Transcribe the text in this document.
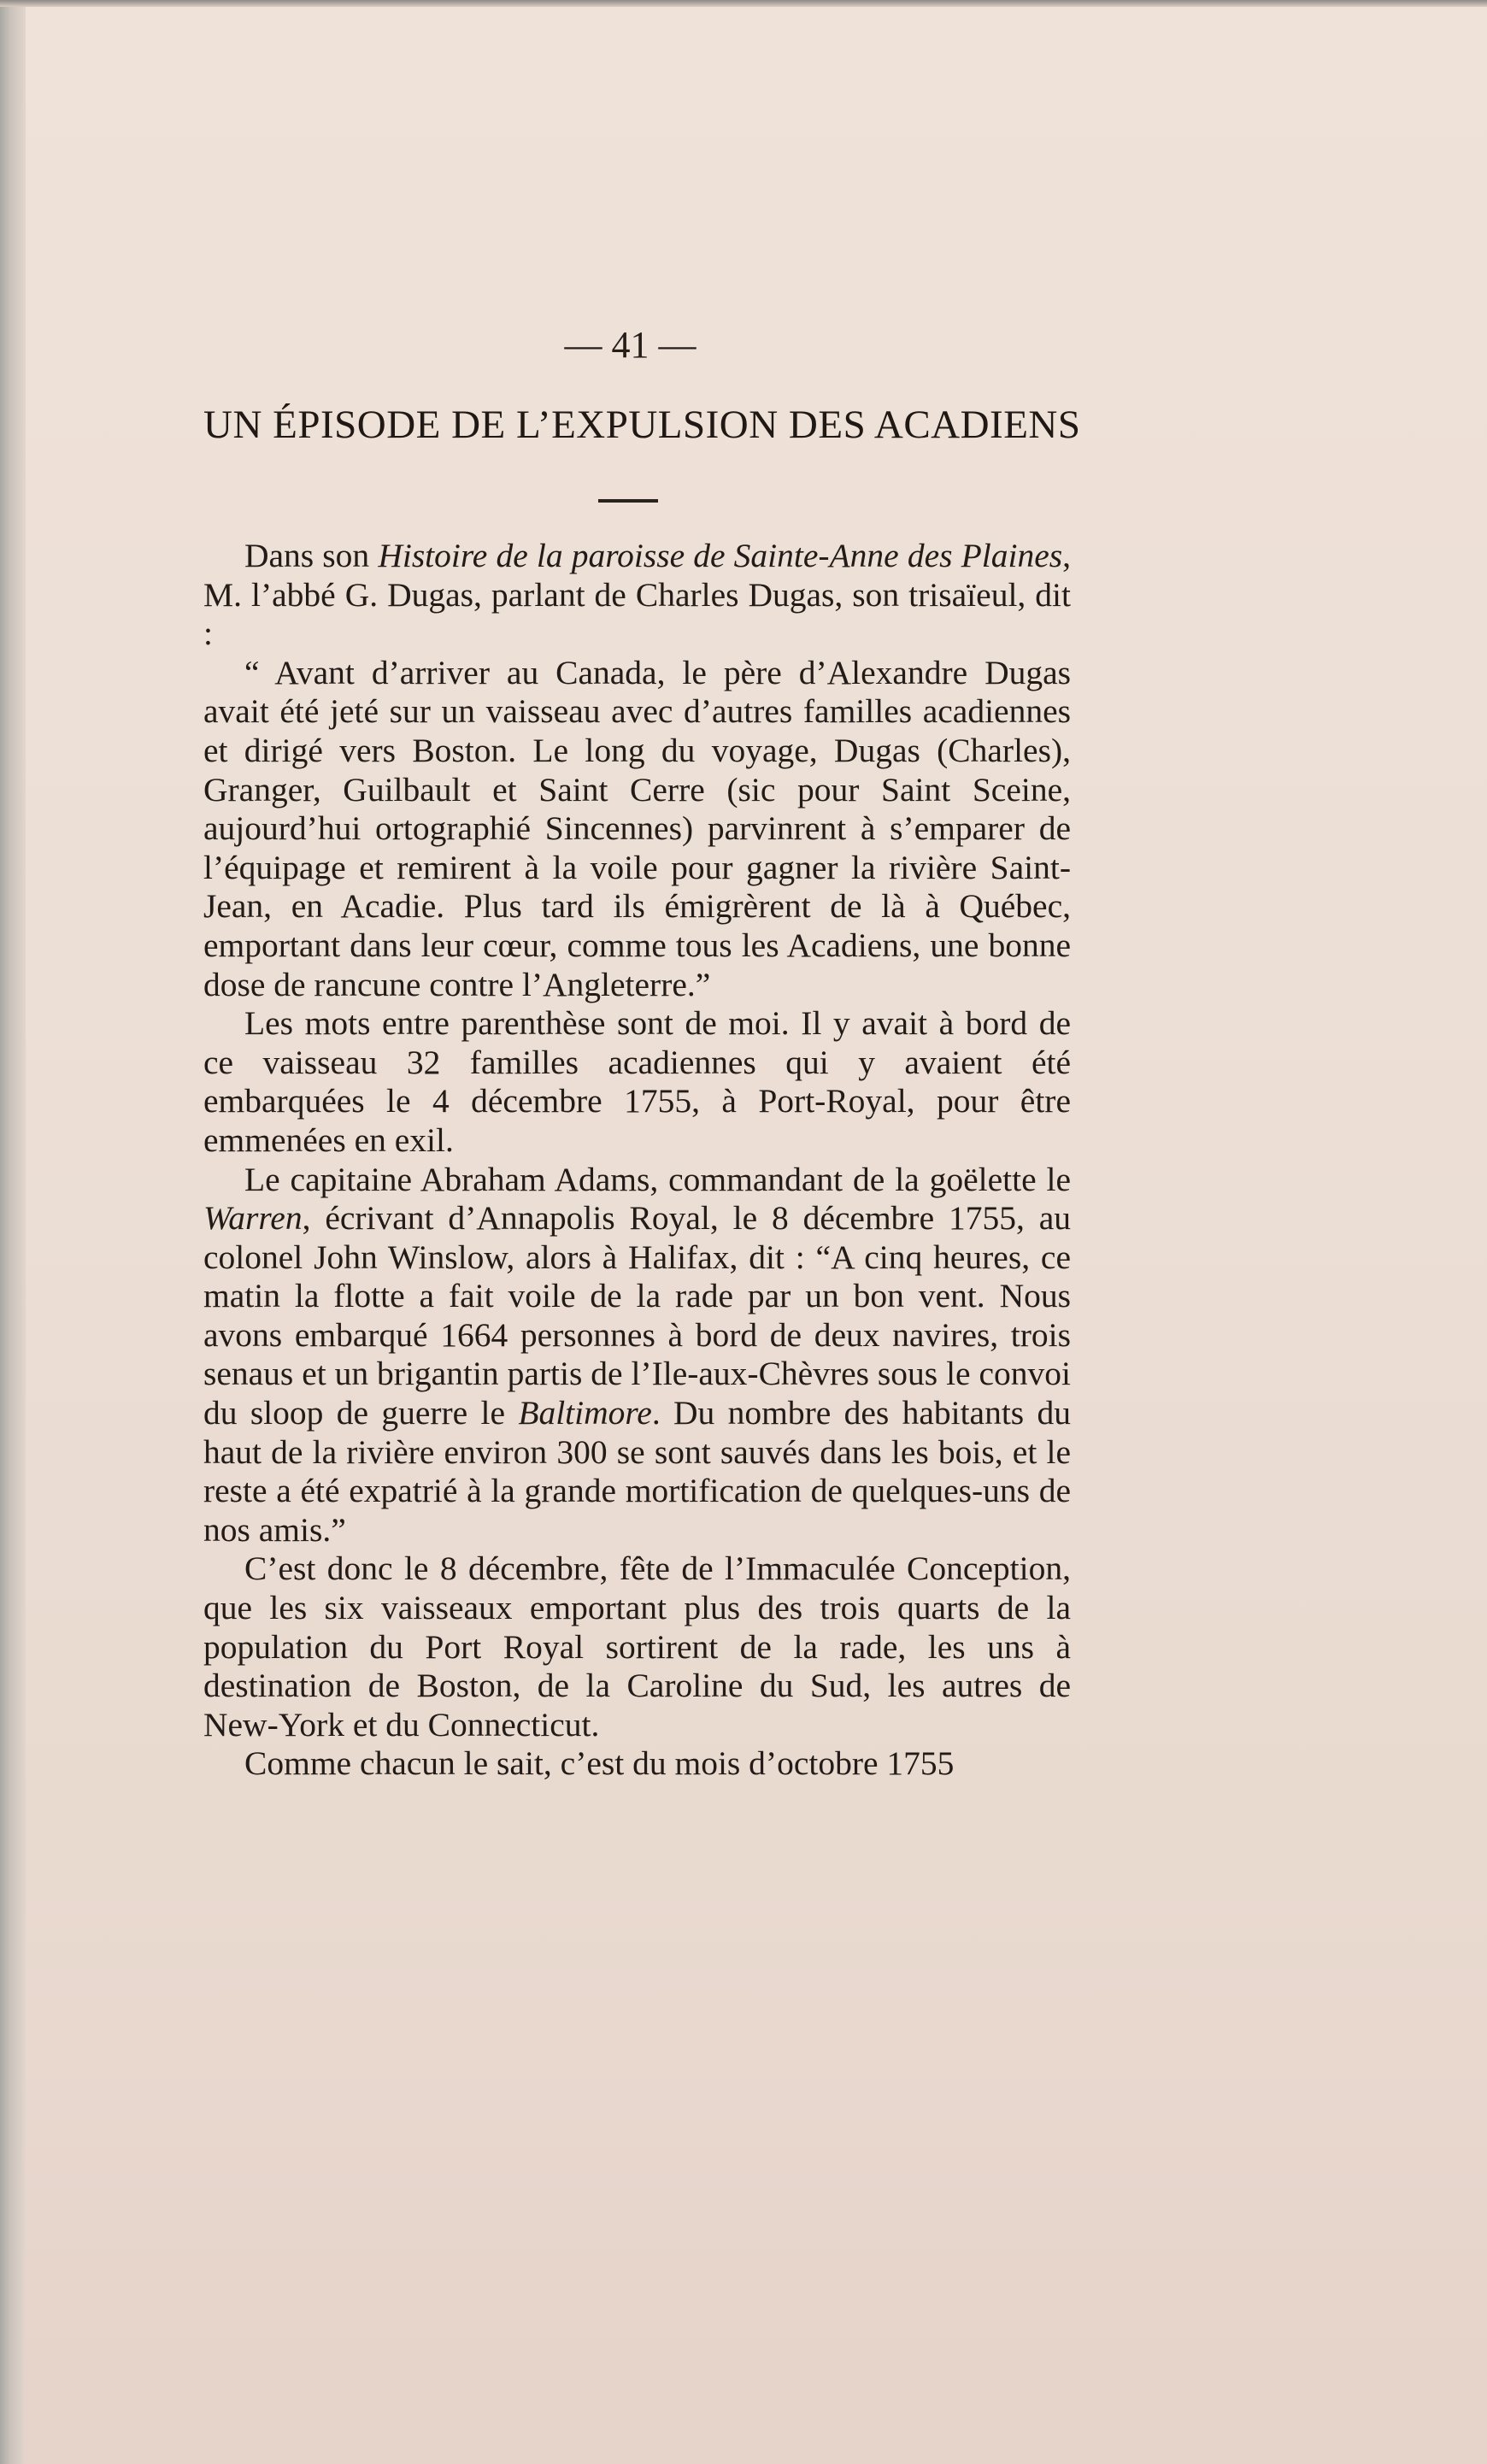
— 41 —
UN ÉPISODE DE L’EXPULSION DES ACADIENS

Dans son Histoire de la paroisse de Sainte-Anne des Plaines, M. l’abbé G. Dugas, parlant de Charles Dugas, son trisaïeul, dit :

“ Avant d’arriver au Canada, le père d’Alexandre Dugas avait été jeté sur un vaisseau avec d’autres familles acadiennes et dirigé vers Boston. Le long du voyage, Dugas (Charles), Granger, Guilbault et Saint Cerre (sic pour Saint Sceine, aujourd’hui ortographié Sincennes) parvinrent à s’emparer de l’équipage et remirent à la voile pour gagner la rivière Saint-Jean, en Acadie. Plus tard ils émigrèrent de là à Québec, emportant dans leur cœur, comme tous les Acadiens, une bonne dose de rancune contre l’Angleterre.”

Les mots entre parenthèse sont de moi. Il y avait à bord de ce vaisseau 32 familles acadiennes qui y avaient été embarquées le 4 décembre 1755, à Port-Royal, pour être emmenées en exil.

Le capitaine Abraham Adams, commandant de la goëlette le Warren, écrivant d’Annapolis Royal, le 8 décembre 1755, au colonel John Winslow, alors à Halifax, dit : “A cinq heures, ce matin la flotte a fait voile de la rade par un bon vent. Nous avons embarqué 1664 personnes à bord de deux navires, trois senaus et un brigantin partis de l’Ile-aux-Chèvres sous le convoi du sloop de guerre le Baltimore. Du nombre des habitants du haut de la rivière environ 300 se sont sauvés dans les bois, et le reste a été expatrié à la grande mortification de quelques-uns de nos amis.”

C’est donc le 8 décembre, fête de l’Immaculée Conception, que les six vaisseaux emportant plus des trois quarts de la population du Port Royal sortirent de la rade, les uns à destination de Boston, de la Caroline du Sud, les autres de New-York et du Connecticut.

Comme chacun le sait, c’est du mois d’octobre 1755
